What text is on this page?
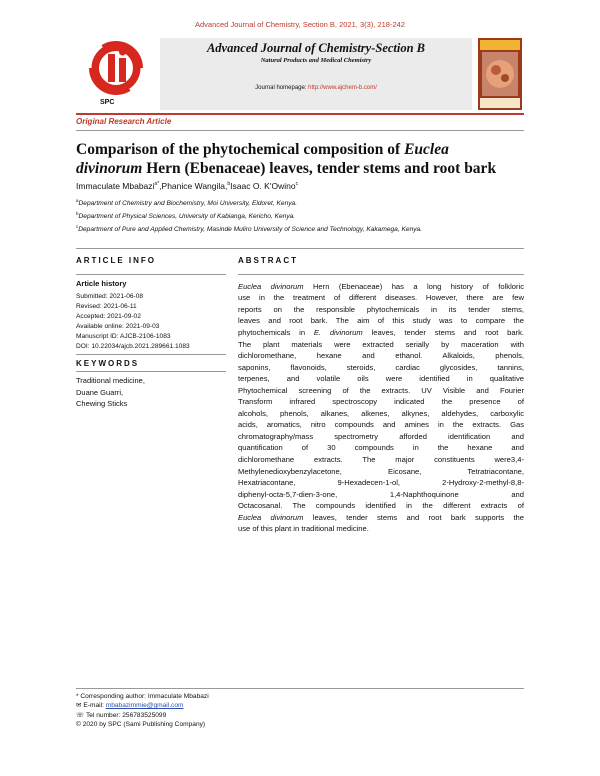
Advanced Journal of Chemistry, Section B, 2021, 3(3), 218-242
SPC
Advanced Journal of Chemistry-Section B
Natural Products and Medical Chemistry
Journal homepage: http://www.ajchem-b.com/
Original Research Article
Comparison of the phytochemical composition of Euclea
divinorum Hern (Ebenaceae) leaves, tender stems and root bark
Immaculate Mbabazi$^{a*}$,Phanice Wangila,$^b$Isaac O. K'Owino$^c$
$^a$Department of Chemistry and Biochemistry, Moi University, Eldoret, Kenya.
$^b$Department of Physical Sciences, University of Kabianga, Kericho, Kenya.
$^c$Department of Pure and Applied Chemistry, Masinde Muliro University of Science and Technology, Kakamega, Kenya.
ARTICLE INFO
Article history
Submitted: 2021-06-08
Revised: 2021-06-11
Accepted: 2021-09-02
Available online: 2021-09-03
Manuscript ID: AJCB-2106-1083
DOI: 10.22034/ajcb.2021.289661.1083
KEYWORDS
Traditional medicine,
Duane Guarri,
Chewing Sticks
ABSTRACT
Euclea divinorum Hern (Ebenaceae) has a long history of folkloric
use in the treatment of different diseases. However, there are few
reports on the responsible phytochemicals in its tender stems,
leaves and root bark. The aim of this study was to compare the
phytochemicals in E. divinorum leaves, tender stems and root bark.
The plant materials were extracted serially by maceration with
dichloromethane, hexane and ethanol. Alkaloids, phenols,
saponins, flavonoids, steroids, cardiac glycosides, tannins,
terpenes, and volatile oils were identified in qualitative
Phytochemical screening of the extracts. UV Visible and Fourier
Transform infrared spectroscopy indicated the presence of
alcohols, phenols, alkanes, alkenes, alkynes, aldehydes, carboxylic
acids, aromatics, nitro compounds and amines in the extracts. Gas
chromatography/mass spectrometry afforded identification and
quantification of 30 compounds in the hexane and
dichloromethane extracts. The major constituents were3,4-
Methylenedioxybenzylacetone, Eicosane, Tetratriacontane,
Hexatriacontane, 9-Hexadecen-1-ol, 2-Hydroxy-2-methyl-8,8-
diphenyl-octa-5,7-dien-3-one, 1,4-Naphthoquinone and
Octacosanal. The compounds identified in the different extracts of
Euclea divinorum leaves, tender stems and root bark supports the
use of this plant in traditional medicine.
* Corresponding author: Immaculate Mbabazi
✉ E-mail: mbabazimmie@gmail.com
☏ Tel number: 256783525099
© 2020 by SPC (Sami Publishing Company)
